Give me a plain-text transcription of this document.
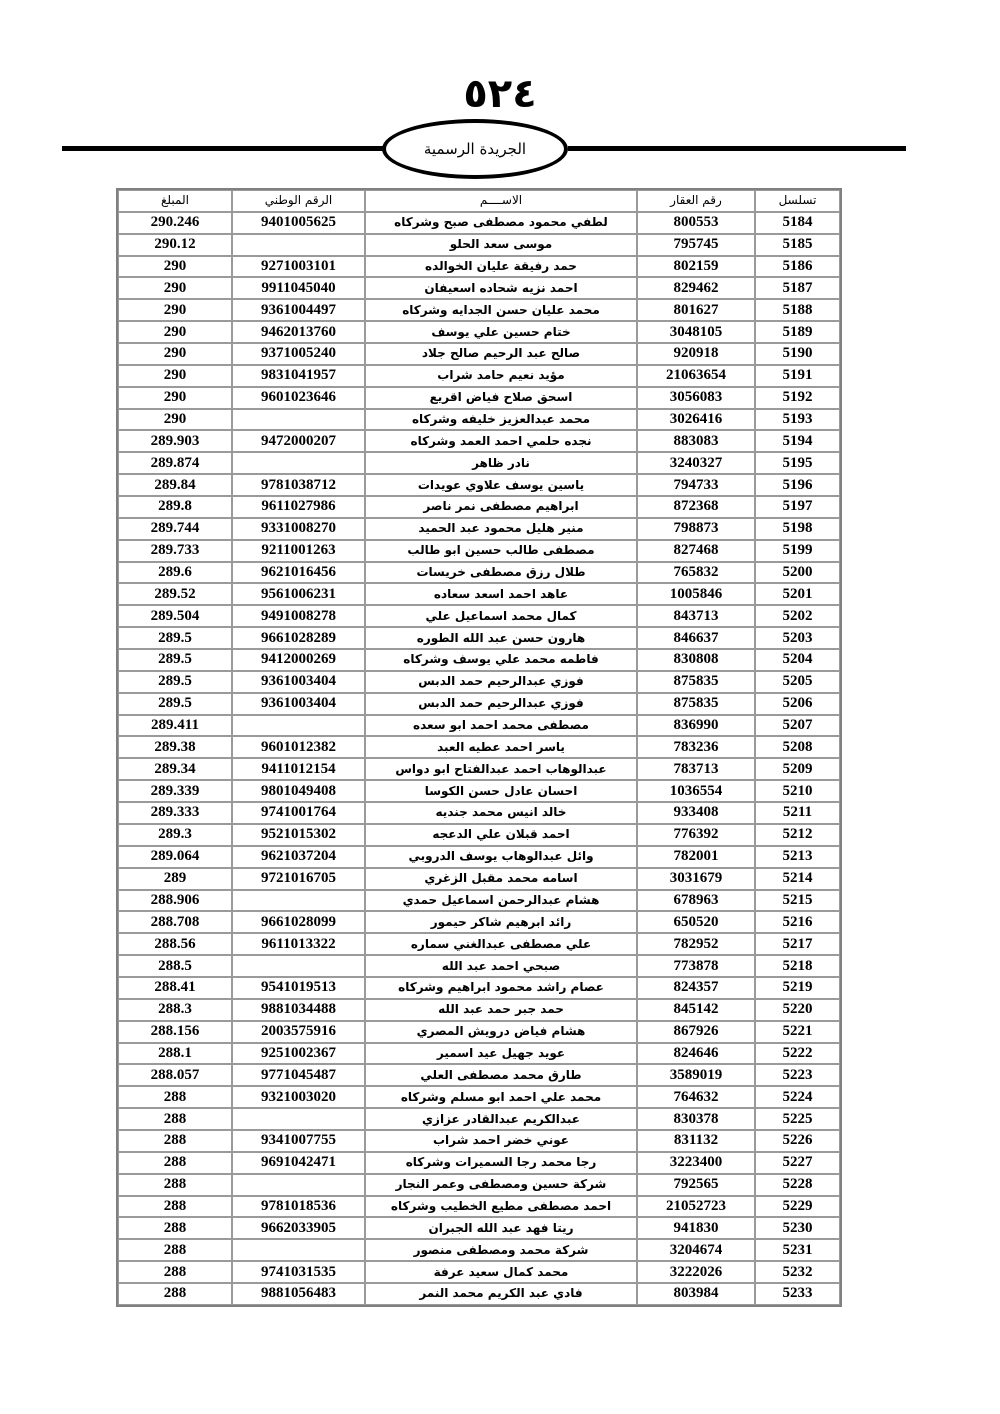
٥٢٤
الجريدة الرسمية
تسلسل	رقم العقار	الاســــم	الرقم الوطني	المبلغ
5184	800553	لطفي محمود مصطفى صبح وشركاه	9401005625	290.246
5185	795745	موسى سعد الحلو		290.12
5186	802159	حمد رفيقة عليان الخوالده	9271003101	290
5187	829462	احمد نزيه شحاده اسعيفان	9911045040	290
5188	801627	محمد عليان حسن الجدايه وشركاه	9361004497	290
5189	3048105	ختام حسين علي يوسف	9462013760	290
5190	920918	صالح عبد الرحيم صالح جلاد	9371005240	290
5191	21063654	مؤيد نعيم حامد شراب	9831041957	290
5192	3056083	اسحق صلاح فياض اقريع	9601023646	290
5193	3026416	محمد عبدالعزيز خليفه وشركاه		290
5194	883083	نجده حلمي احمد العمد وشركاه	9472000207	289.903
5195	3240327	نادر ظاهر		289.874
5196	794733	ياسين يوسف علاوي عويدات	9781038712	289.84
5197	872368	ابراهيم مصطفى نمر ناصر	9611027986	289.8
5198	798873	منير هليل محمود عبد الحميد	9331008270	289.744
5199	827468	مصطفى طالب حسين ابو طالب	9211001263	289.733
5200	765832	طلال رزق مصطفى خريسات	9621016456	289.6
5201	1005846	عاهد احمد اسعد سعاده	9561006231	289.52
5202	843713	كمال محمد اسماعيل علي	9491008278	289.504
5203	846637	هارون حسن عبد الله الطوره	9661028289	289.5
5204	830808	فاطمه محمد علي يوسف وشركاه	9412000269	289.5
5205	875835	فوزي عبدالرحيم حمد الدبس	9361003404	289.5
5206	875835	فوزي عبدالرحيم حمد الدبس	9361003404	289.5
5207	836990	مصطفى محمد احمد ابو سعده		289.411
5208	783236	ياسر احمد عطيه العبد	9601012382	289.38
5209	783713	عبدالوهاب احمد عبدالفتاح ابو دواس	9411012154	289.34
5210	1036554	احسان عادل حسن الكوسا	9801049408	289.339
5211	933408	خالد انيس محمد جنديه	9741001764	289.333
5212	776392	احمد قبلان علي الدعجه	9521015302	289.3
5213	782001	وائل عبدالوهاب يوسف الدروبي	9621037204	289.064
5214	3031679	اسامه محمد مقبل الزغري	9721016705	289
5215	678963	هشام عبدالرحمن اسماعيل حمدي		288.906
5216	650520	رائد ابرهيم شاكر حيمور	9661028099	288.708
5217	782952	علي مصطفى عبدالغني سماره	9611013322	288.56
5218	773878	صبحي احمد عبد الله		288.5
5219	824357	عصام راشد محمود ابراهيم وشركاه	9541019513	288.41
5220	845142	حمد جبر حمد عبد الله	9881034488	288.3
5221	867926	هشام فياض درويش المصري	2003575916	288.156
5222	824646	عويد جهيل عيد اسمير	9251002367	288.1
5223	3589019	طارق محمد مصطفى العلي	9771045487	288.057
5224	764632	محمد علي احمد ابو مسلم وشركاه	9321003020	288
5225	830378	عبدالكريم عبدالقادر عزازي		288
5226	831132	عوني خضر احمد شراب	9341007755	288
5227	3223400	رجا محمد رجا السميرات وشركاه	9691042471	288
5228	792565	شركة حسين ومصطفى وعمر النجار		288
5229	21052723	احمد مصطفى مطيع الخطيب وشركاه	9781018536	288
5230	941830	ريتا فهد عبد الله الجبران	9662033905	288
5231	3204674	شركة محمد ومصطفى منصور		288
5232	3222026	محمد كمال سعيد عرفة	9741031535	288
5233	803984	فادي عبد الكريم محمد النمر	9881056483	288
